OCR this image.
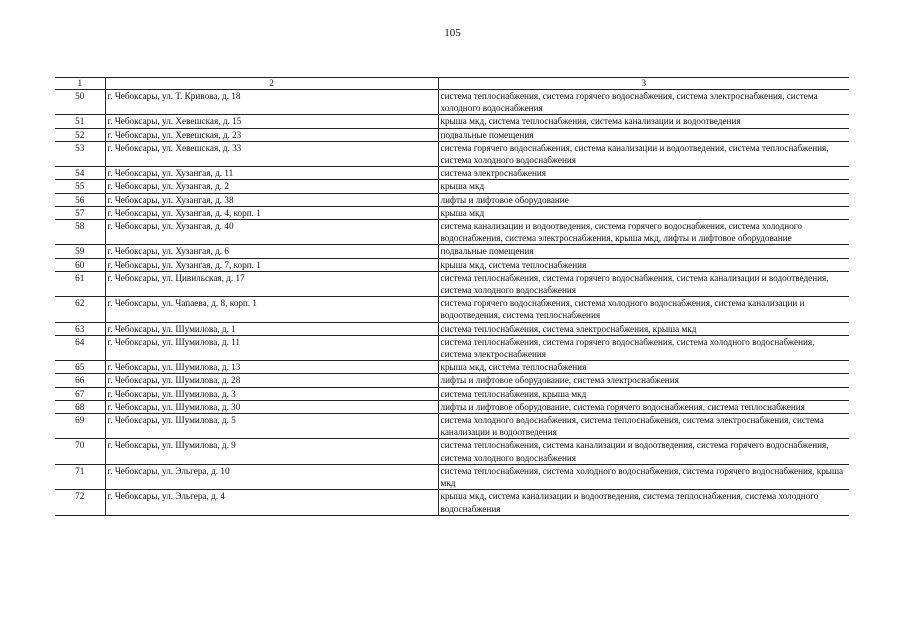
105
1	2	3
50	г. Чебоксары, ул. Т. Кривова, д. 18	система теплоснабжения, система горячего водоснабжения, система электроснабжения, система холодного водоснабжения
51	г. Чебоксары, ул. Хевешская, д. 15	крыша мкд, система теплоснабжения, система канализации и водоотведения
52	г. Чебоксары, ул. Хевешская, д. 23	подвальные помещения
53	г. Чебоксары, ул. Хевешская, д. 33	система горячего водоснабжения, система канализации и водоотведения, система теплоснабжения, система холодного водоснабжения
54	г. Чебоксары, ул. Хузангая, д. 11	система электроснабжения
55	г. Чебоксары, ул. Хузангая, д. 2	крыша мкд
56	г. Чебоксары, ул. Хузангая, д. 38	лифты и лифтовое оборудование
57	г. Чебоксары, ул. Хузангая, д. 4, корп. 1	крыша мкд
58	г. Чебоксары, ул. Хузангая, д. 40	система канализации и водоотведения, система горячего водоснабжения, система холодного водоснабжения, система электроснабжения, крыша мкд, лифты и лифтовое оборудование
59	г. Чебоксары, ул. Хузангая, д. 6	подвальные помещения
60	г. Чебоксары, ул. Хузангая, д. 7, корп. 1	крыша мкд, система теплоснабжения
61	г. Чебоксары, ул. Цивильская, д. 17	система теплоснабжения, система горячего водоснабжения, система канализации и водоотведения, система холодного водоснабжения
62	г. Чебоксары, ул. Чапаева, д. 8, корп. 1	система горячего водоснабжения, система холодного водоснабжения, система канализации и водоотведения, система теплоснабжения
63	г. Чебоксары, ул. Шумилова, д. 1	система теплоснабжения, система электроснабжения, крыша мкд
64	г. Чебоксары, ул. Шумилова, д. 11	система теплоснабжения, система горячего водоснабжения, система холодного водоснабжения, система электроснабжения
65	г. Чебоксары, ул. Шумилова, д. 13	крыша мкд, система теплоснабжения
66	г. Чебоксары, ул. Шумилова, д. 28	лифты и лифтовое оборудование, система электроснабжения
67	г. Чебоксары, ул. Шумилова, д. 3	система теплоснабжения, крыша мкд
68	г. Чебоксары, ул. Шумилова, д. 30	лифты и лифтовое оборудование, система горячего водоснабжения, система теплоснабжения
69	г. Чебоксары, ул. Шумилова, д. 5	система холодного водоснабжения, система теплоснабжения, система электроснабжения, система канализации и водоотведения
70	г. Чебоксары, ул. Шумилова, д. 9	система теплоснабжения, система канализации и водоотведения, система горячего водоснабжения, система холодного водоснабжения
71	г. Чебоксары, ул. Эльгера, д. 10	система теплоснабжения, система холодного водоснабжения, система горячего водоснабжения, крыша мкд
72	г. Чебоксары, ул. Эльгера, д. 4	крыша мкд, система канализации и водоотведения, система теплоснабжения, система холодного водоснабжения
